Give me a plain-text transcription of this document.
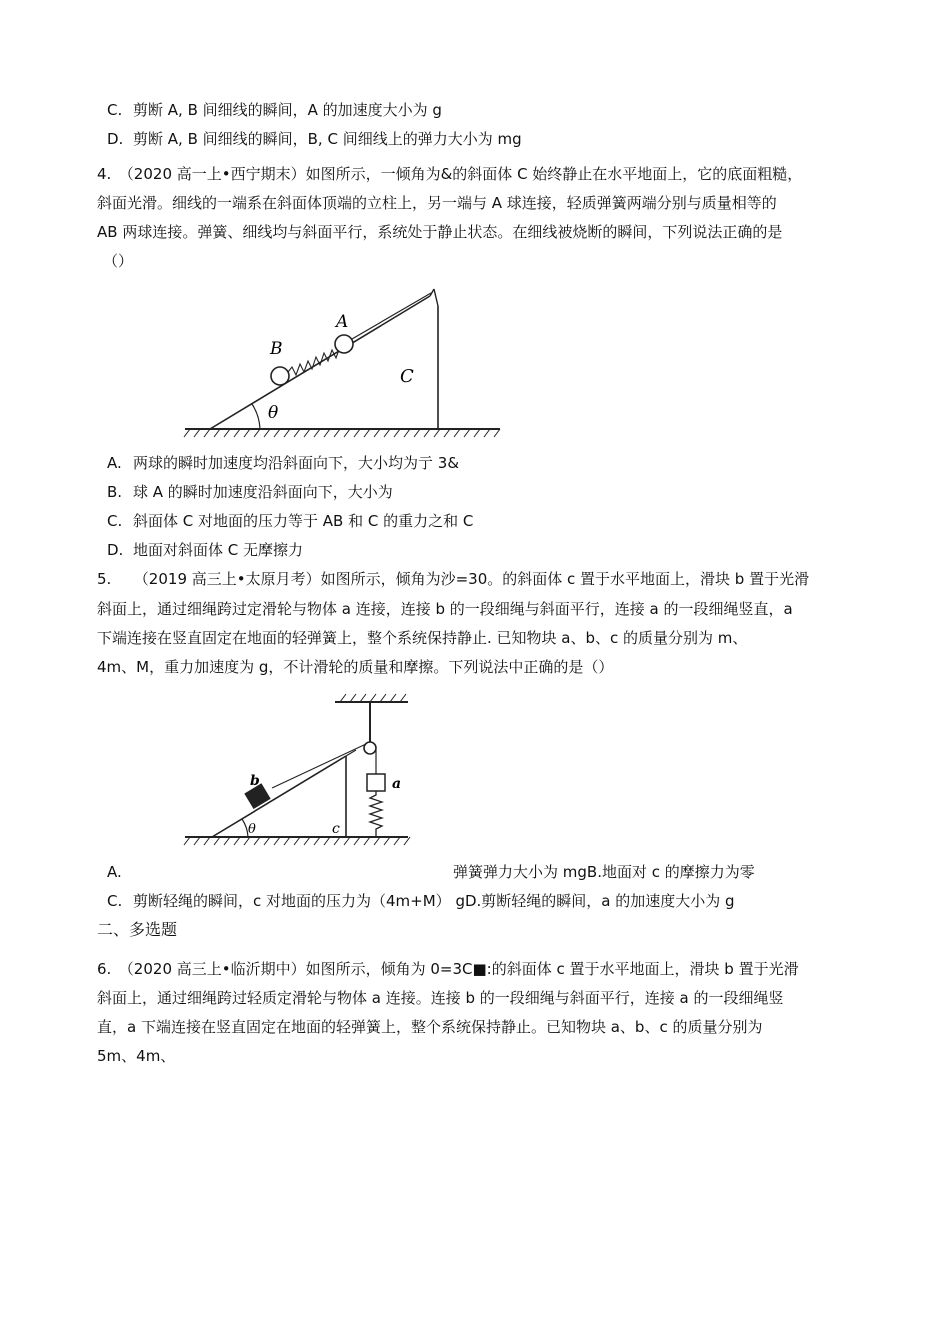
C. 剪断 A, B 间细线的瞬间，A 的加速度大小为 g
D. 剪断 A, B 间细线的瞬间，B, C 间细线上的弹力大小为 mg
4.　（2020 高一上•西宁期末）如图所示，一倾角为&的斜面体 C 始终静止在水平地面上，它的底面粗糙，
斜面光滑。细线的一端系在斜面体顶端的立柱上，另一端与 A 球连接，轻质弹簧两端分别与质量相等的
AB 两球连接。弹簧、细线均与斜面平行，系统处于静止状态。在细线被烧断的瞬间，下列说法正确的是
（）
B
A
C
θ
A. 两球的瞬时加速度均沿斜面向下，大小均为亍 3&
B. 球 A 的瞬时加速度沿斜面向下，大小为
C. 斜面体 C 对地面的压力等于 AB 和 C 的重力之和 C
D. 地面对斜面体 C 无摩擦力
5.　　（2019 高三上•太原月考）如图所示，倾角为沙=30。的斜面体 c 置于水平地面上，滑块 b 置于光滑
斜面上，通过细绳跨过定滑轮与物体 a 连接，连接 b 的一段细绳与斜面平行，连接 a 的一段细绳竖直，a
下端连接在竖直固定在地面的轻弹簧上，整个系统保持静止. 已知物块 a、b、c 的质量分别为 m、
4m、M，重力加速度为 g，不计滑轮的质量和摩擦。下列说法中正确的是（）
b	a
c
θ
A.	弹簧弹力大小为 mgB.地面对 c 的摩擦力为零
C. 剪断轻绳的瞬间，c 对地面的压力为（4m+M） gD.剪断轻绳的瞬间，a 的加速度大小为 g
二、多选题
6.　（2020 高三上•临沂期中）如图所示，倾角为 0=3C■:的斜面体 c 置于水平地面上，滑块 b 置于光滑
斜面上，通过细绳跨过轻质定滑轮与物体 a 连接。连接 b 的一段细绳与斜面平行，连接 a 的一段细绳竖
直，a 下端连接在竖直固定在地面的轻弹簧上，整个系统保持静止。已知物块 a、b、c 的质量分别为
5m、4m、
